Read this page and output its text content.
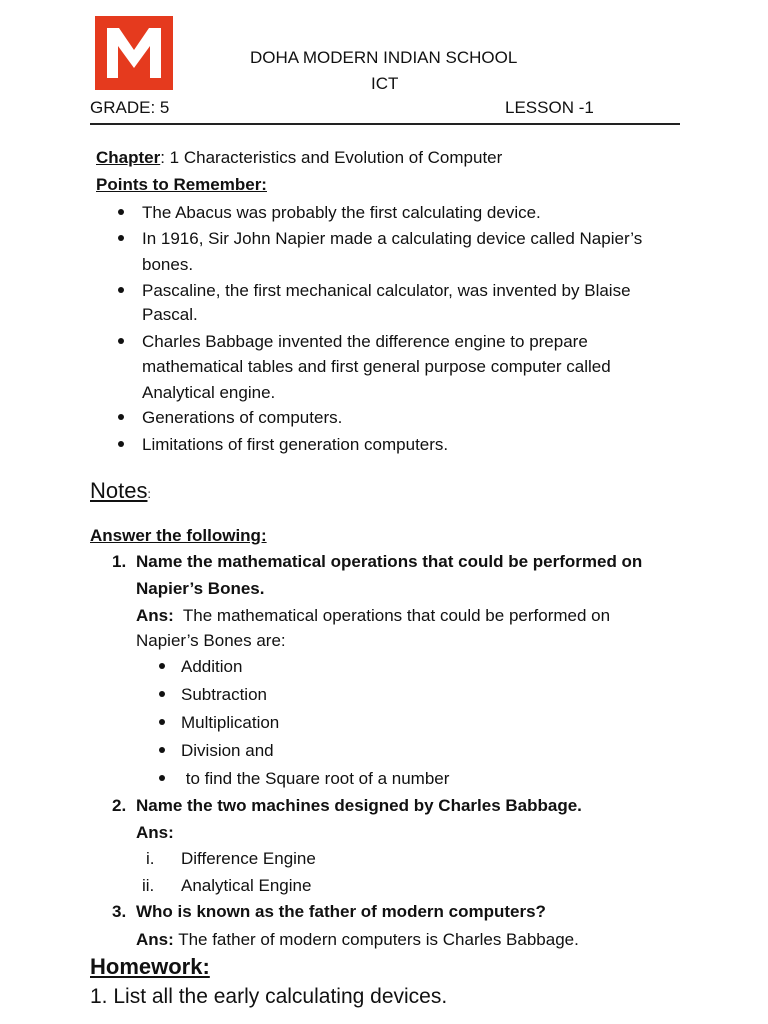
DOHA MODERN INDIAN SCHOOL
ICT
GRADE: 5	LESSON -1
Chapter: 1 Characteristics and Evolution of Computer
Points to Remember:
The Abacus was probably the first calculating device.
In 1916, Sir John Napier made a calculating device called Napier’s
bones.
Pascaline, the first mechanical calculator, was invented by Blaise
Pascal.
Charles Babbage invented the difference engine to prepare
mathematical tables and first general purpose computer called
Analytical engine.
Generations of computers.
Limitations of first generation computers.
Notes:
Answer the following:
1. Name the mathematical operations that could be performed on
Napier’s Bones.
Ans:  The mathematical operations that could be performed on
Napier’s Bones are:
Addition
Subtraction
Multiplication
Division and
to find the Square root of a number
2. Name the two machines designed by Charles Babbage.
Ans:
i. Difference Engine
ii. Analytical Engine
3. Who is known as the father of modern computers?
Ans: The father of modern computers is Charles Babbage.
Homework:
1. List all the early calculating devices.
